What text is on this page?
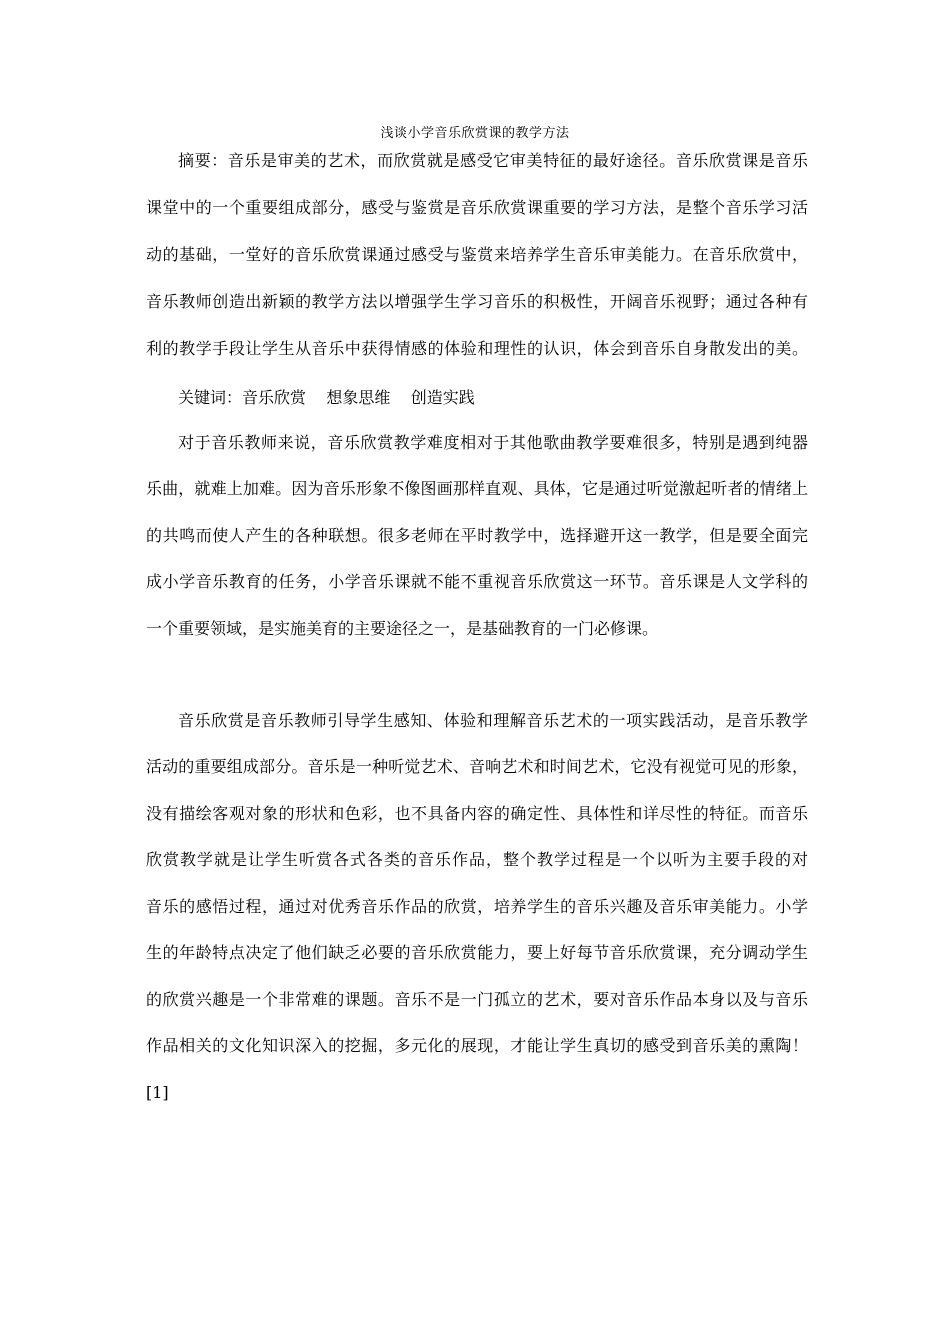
浅谈小学音乐欣赏课的教学方法
摘要：音乐是审美的艺术，而欣赏就是感受它审美特征的最好途径。音乐欣赏课是音乐
课堂中的一个重要组成部分，感受与鉴赏是音乐欣赏课重要的学习方法，是整个音乐学习活
动的基础，一堂好的音乐欣赏课通过感受与鉴赏来培养学生音乐审美能力。在音乐欣赏中，
音乐教师创造出新颖的教学方法以增强学生学习音乐的积极性，开阔音乐视野；通过各种有
利的教学手段让学生从音乐中获得情感的体验和理性的认识，体会到音乐自身散发出的美。
关键词：音乐欣赏    想象思维    创造实践
对于音乐教师来说，音乐欣赏教学难度相对于其他歌曲教学要难很多，特别是遇到纯器
乐曲，就难上加难。因为音乐形象不像图画那样直观、具体，它是通过听觉激起听者的情绪上
的共鸣而使人产生的各种联想。很多老师在平时教学中，选择避开这一教学，但是要全面完
成小学音乐教育的任务，小学音乐课就不能不重视音乐欣赏这一环节。音乐课是人文学科的
一个重要领域，是实施美育的主要途径之一，是基础教育的一门必修课。
音乐欣赏是音乐教师引导学生感知、体验和理解音乐艺术的一项实践活动，是音乐教学
活动的重要组成部分。音乐是一种听觉艺术、音响艺术和时间艺术，它没有视觉可见的形象，
没有描绘客观对象的形状和色彩，也不具备内容的确定性、具体性和详尽性的特征。而音乐
欣赏教学就是让学生听赏各式各类的音乐作品，整个教学过程是一个以听为主要手段的对
音乐的感悟过程，通过对优秀音乐作品的欣赏，培养学生的音乐兴趣及音乐审美能力。小学
生的年龄特点决定了他们缺乏必要的音乐欣赏能力，要上好每节音乐欣赏课，充分调动学生
的欣赏兴趣是一个非常难的课题。音乐不是一门孤立的艺术，要对音乐作品本身以及与音乐
作品相关的文化知识深入的挖掘，多元化的展现，才能让学生真切的感受到音乐美的熏陶！
[1]
